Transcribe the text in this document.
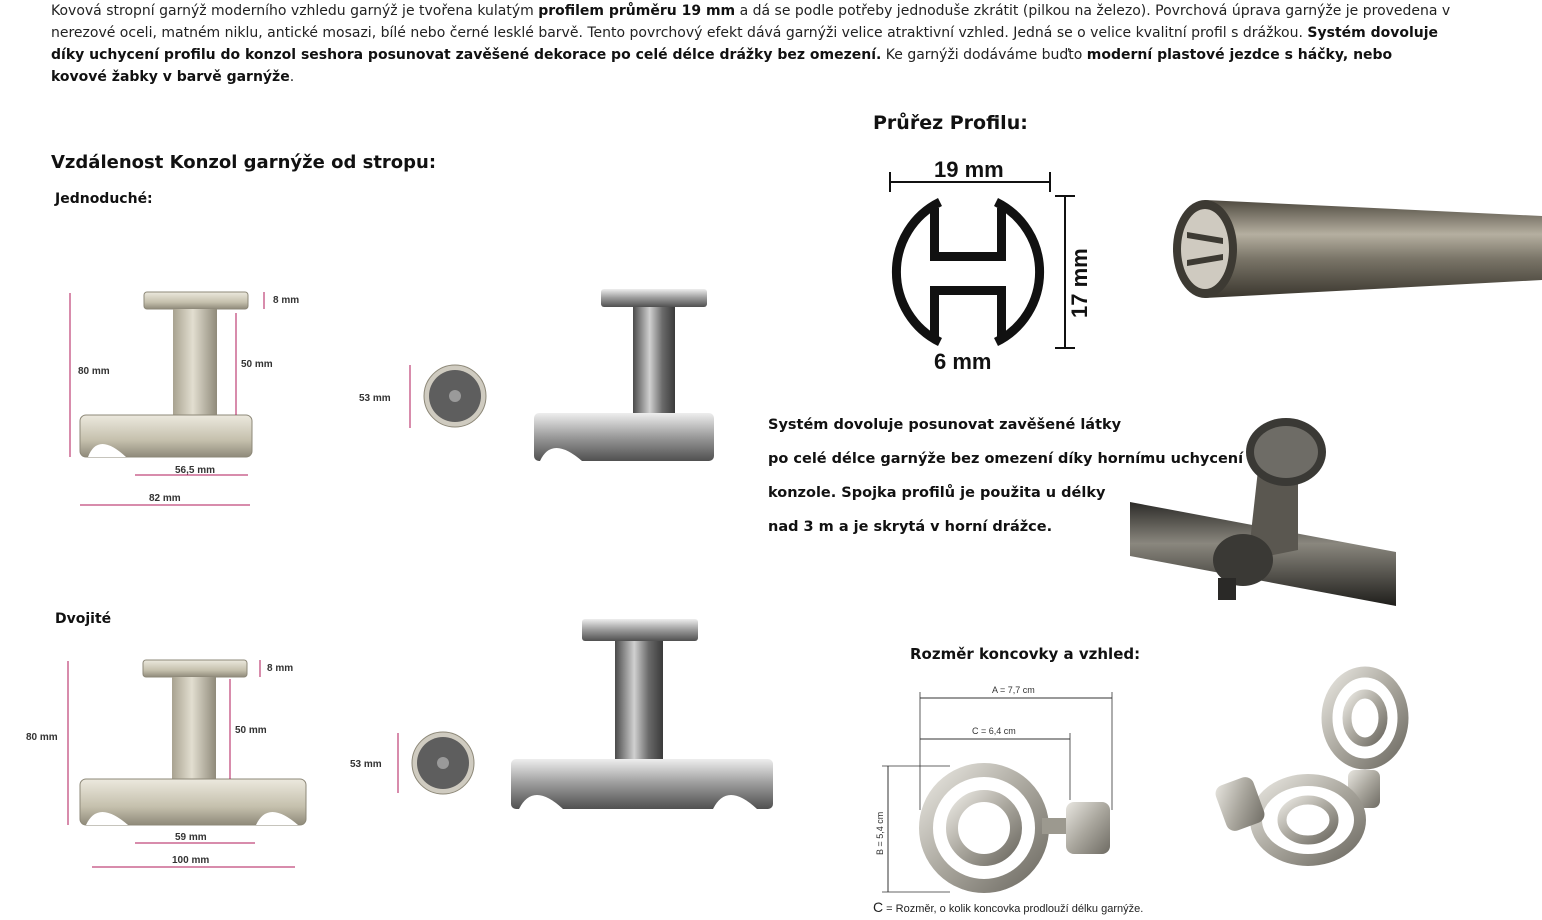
Kovová stropní garnýž moderního vzhledu garnýž je tvořena kulatým profilem průměru 19 mm a dá se podle potřeby jednoduše zkrátit (pilkou na železo). Povrchová úprava garnýže je provedena v nerezové oceli, matném niklu, antické mosazi, bílé nebo černé lesklé barvě. Tento povrchový efekt dává garnýži velice atraktivní vzhled. Jedná se o velice kvalitní profil s drážkou. Systém dovoluje díky uchycení profilu do konzol seshora posunovat zavěšené dekorace po celé délce drážky bez omezení. Ke garnýži dodáváme buďto moderní plastové jezdce s háčky, nebo kovové žabky v barvě garnýže.
Vzdálenost Konzol garnýže od stropu:
Jednoduché:
Dvojité
Průřez Profilu:
Rozměr koncovky a vzhled:
80 mm
50 mm
8 mm
56,5 mm
82 mm
53 mm
80 mm
50 mm
8 mm
59 mm
100 mm
53 mm
19 mm
6 mm
17 mm
Systém dovoluje posunovat zavěšené látky
po celé délce garnýže bez omezení díky hornímu uchycení
konzole. Spojka profilů je použita u délky
nad 3 m a je skrytá v horní drážce.
A = 7,7 cm
C = 6,4 cm
B = 5,4 cm
C = Rozměr, o kolik koncovka prodlouží délku garnýže.
